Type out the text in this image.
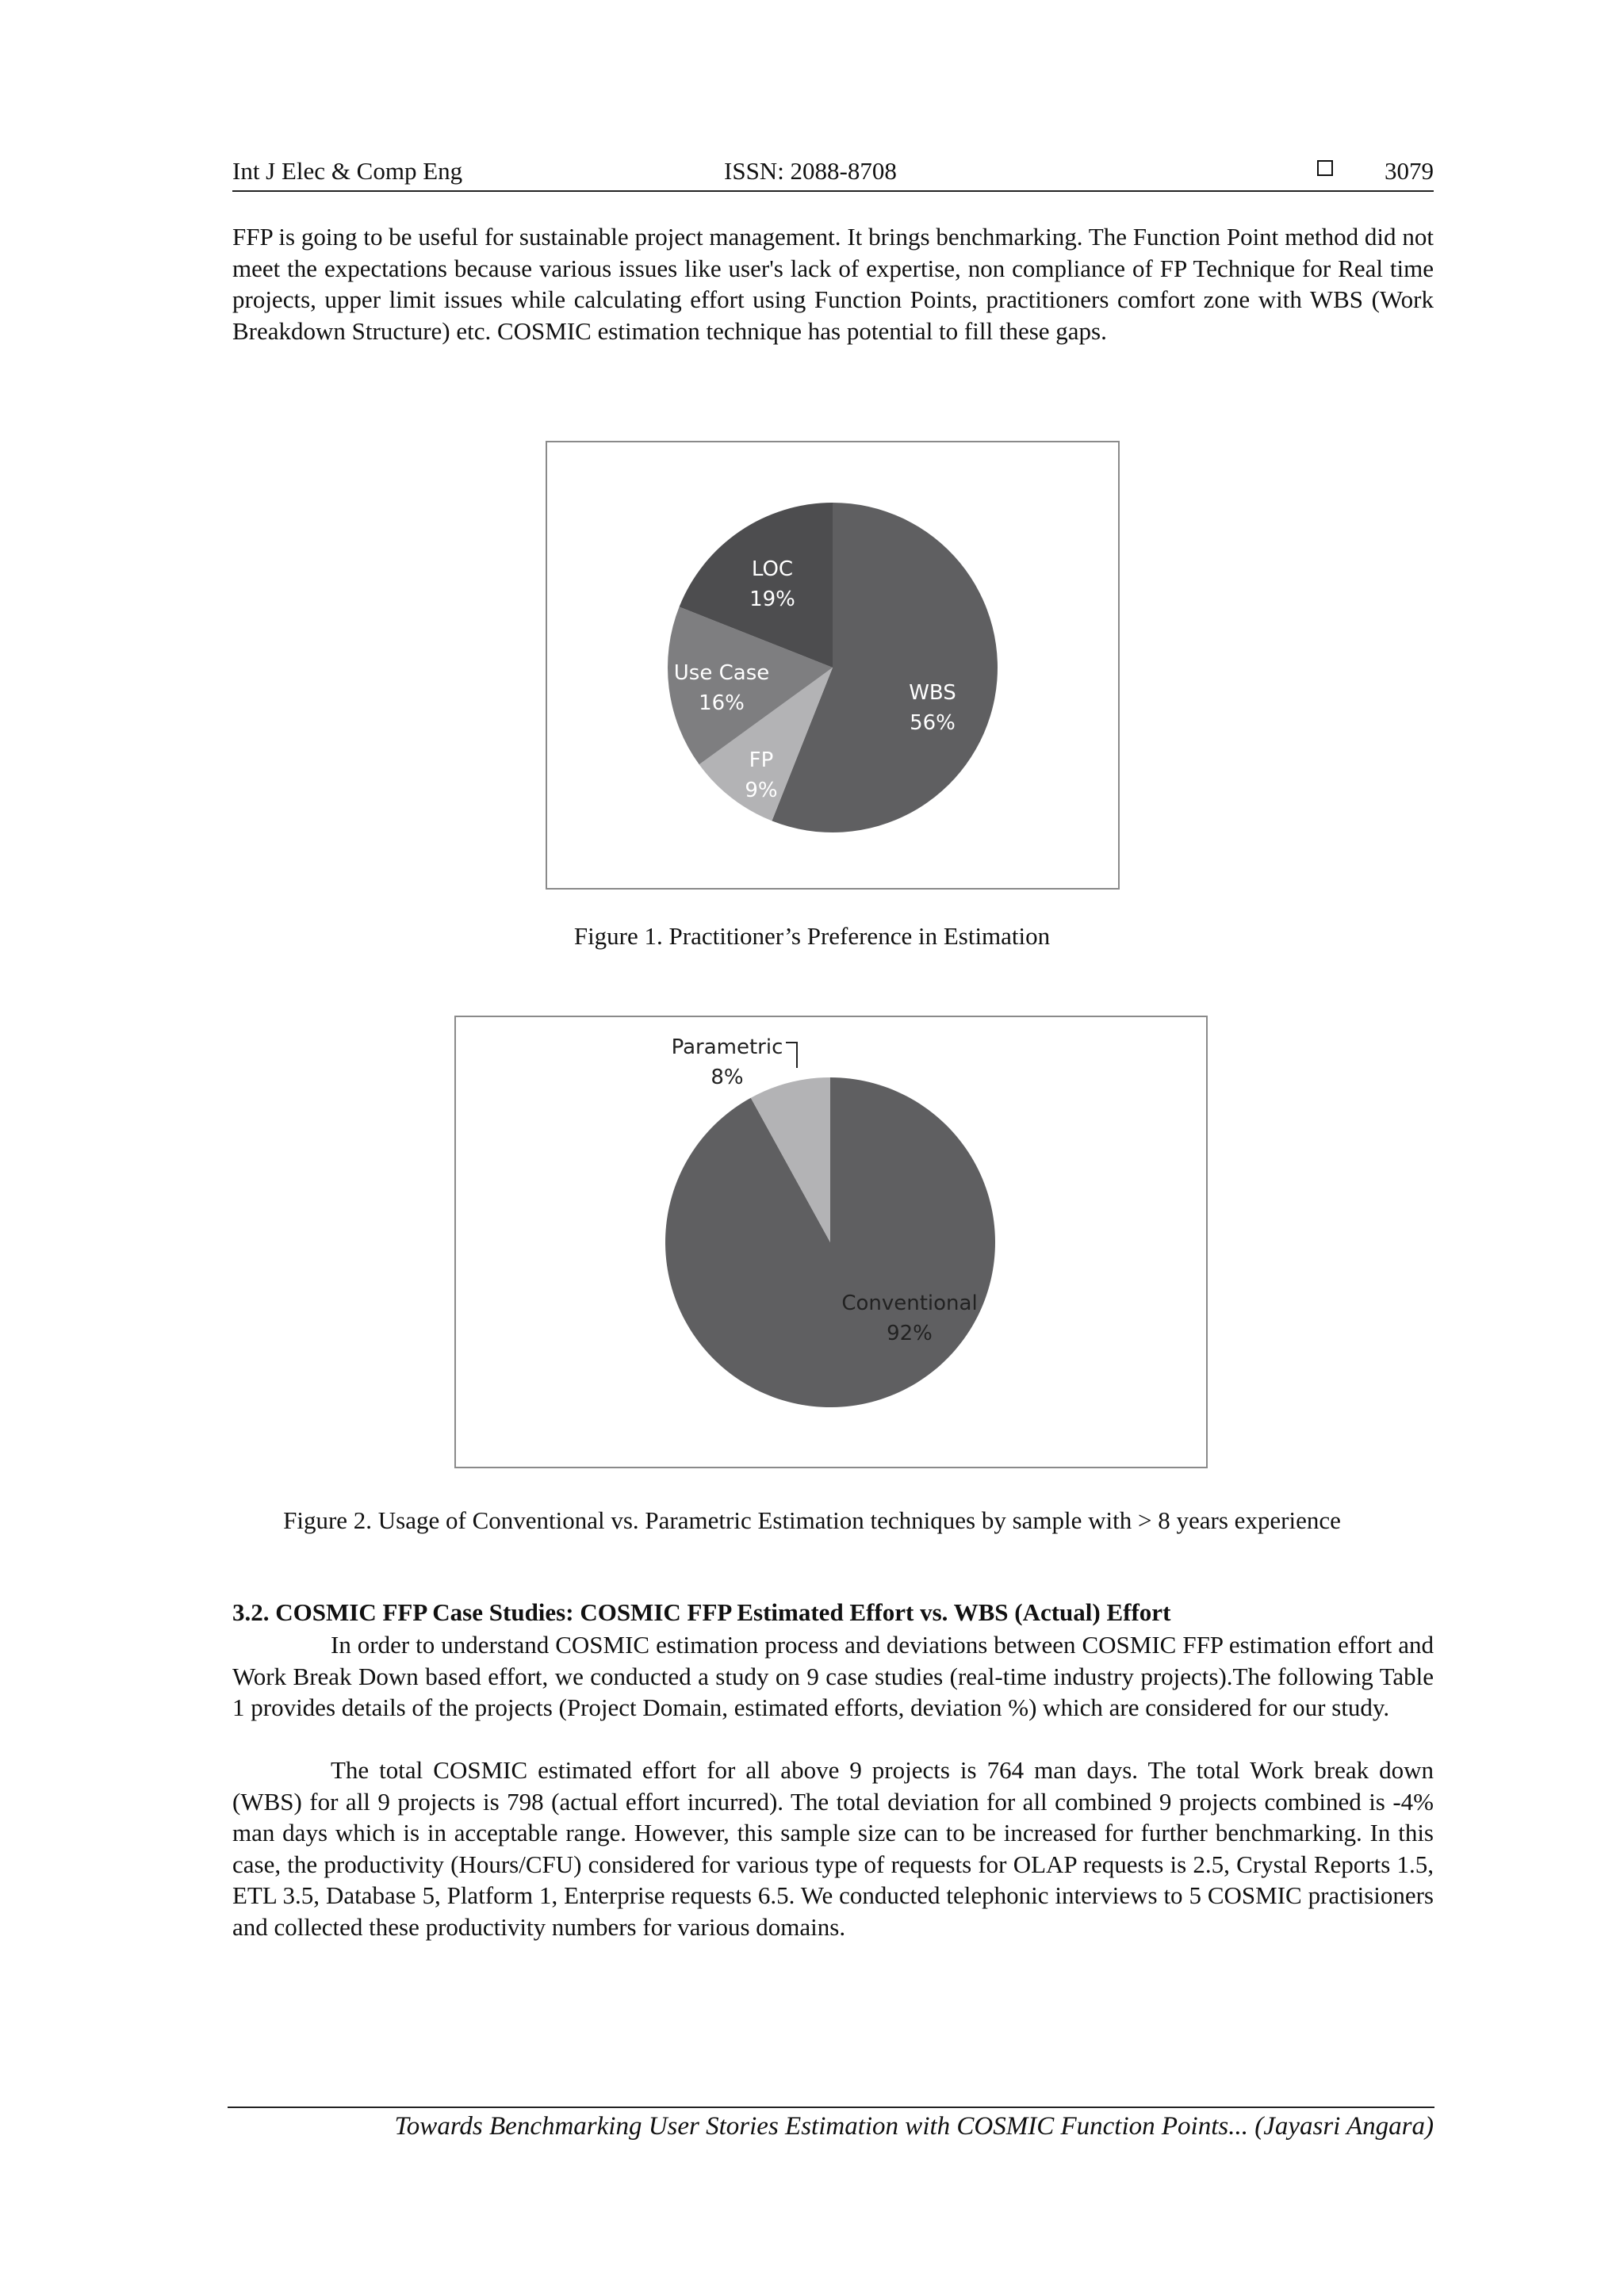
Int J Elec & Comp Eng	ISSN: 2088-8708	3079

FFP is going to be useful for sustainable project management. It brings benchmarking. The Function Point method did not meet the expectations because various issues like user's lack of expertise, non compliance of FP Technique for Real time projects, upper limit issues while calculating effort using Function Points, practitioners comfort zone with WBS (Work Breakdown Structure) etc. COSMIC estimation technique has potential to fill these gaps.

WBS 56%
FP 9%
Use Case 16%
LOC 19%

Figure 1. Practitioner’s Preference in Estimation

Conventional 92%
Parametric 8%

Figure 2. Usage of Conventional vs. Parametric Estimation techniques by sample with > 8 years experience

3.2. COSMIC FFP Case Studies: COSMIC FFP Estimated Effort vs. WBS (Actual) Effort

In order to understand COSMIC estimation process and deviations between COSMIC FFP estimation effort and Work Break Down based effort, we conducted a study on 9 case studies (real-time industry projects).The following Table 1 provides details of the projects (Project Domain, estimated efforts, deviation %) which are considered for our study.

The total COSMIC estimated effort for all above 9 projects is 764 man days. The total Work break down (WBS) for all 9 projects is 798 (actual effort incurred). The total deviation for all combined 9 projects combined is -4% man days which is in acceptable range. However, this sample size can to be increased for further benchmarking. In this case, the productivity (Hours/CFU) considered for various type of requests for OLAP requests is 2.5, Crystal Reports 1.5, ETL 3.5, Database 5, Platform 1, Enterprise requests 6.5. We conducted telephonic interviews to 5 COSMIC practisioners and collected these productivity numbers for various domains.

Towards Benchmarking User Stories Estimation with COSMIC Function Points... (Jayasri Angara)
